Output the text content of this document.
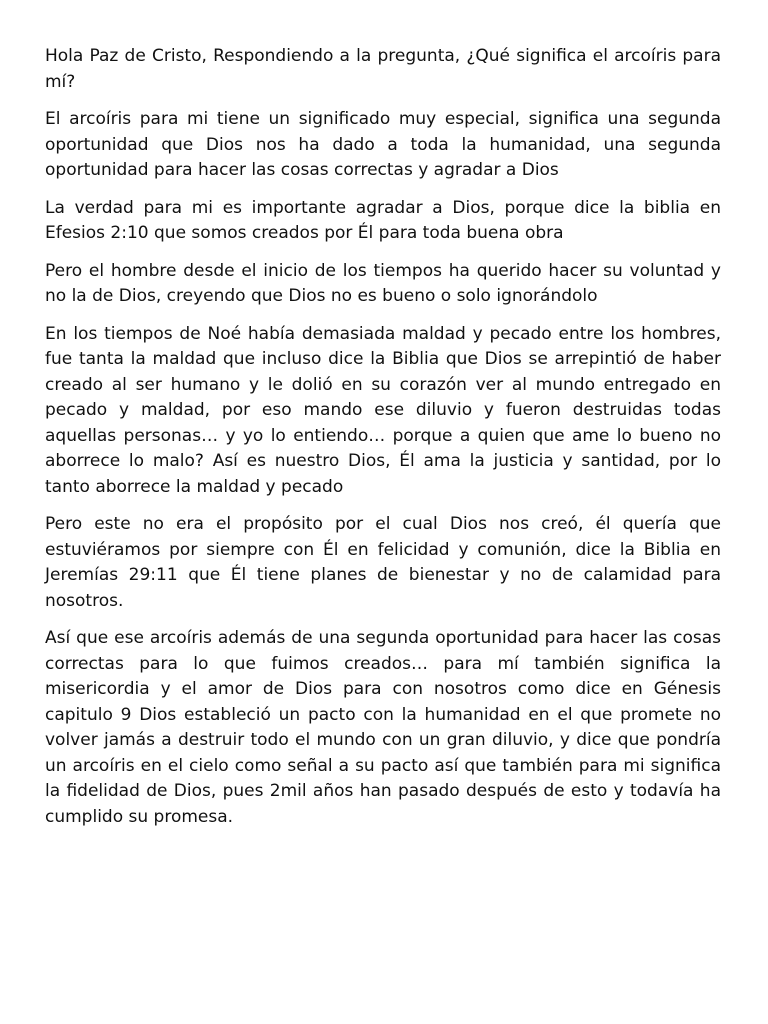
Hola Paz de Cristo, Respondiendo a la pregunta, ¿Qué significa el arcoíris para mí?

El arcoíris para mi tiene un significado muy especial, significa una segunda oportunidad que Dios nos ha dado a toda la humanidad, una segunda oportunidad para hacer las cosas correctas y agradar a Dios

La verdad para mi es importante agradar a Dios, porque dice la biblia en Efesios 2:10 que somos creados por Él para toda buena obra

Pero el hombre desde el inicio de los tiempos ha querido hacer su voluntad y no la de Dios, creyendo que Dios no es bueno o solo ignorándolo

En los tiempos de Noé había demasiada maldad y pecado entre los hombres, fue tanta la maldad que incluso dice la Biblia que Dios se arrepintió de haber creado al ser humano y le dolió en su corazón ver al mundo entregado en pecado y maldad, por eso mando ese diluvio y fueron destruidas todas aquellas personas… y yo lo entiendo… porque a quien que ame lo bueno no aborrece lo malo? Así es nuestro Dios, Él ama la justicia y santidad, por lo tanto aborrece la maldad y pecado

Pero este no era el propósito por el cual Dios nos creó, él quería que estuviéramos por siempre con Él en felicidad y comunión, dice la Biblia en Jeremías 29:11 que Él tiene planes de bienestar y no de calamidad para nosotros.

Así que ese arcoíris además de una segunda oportunidad para hacer las cosas correctas para lo que fuimos creados… para mí también significa la misericordia y el amor de Dios para con nosotros como dice en Génesis capitulo 9 Dios estableció un pacto con la humanidad en el que promete no volver jamás a destruir todo el mundo con un gran diluvio, y dice que pondría un arcoíris en el cielo como señal a su pacto así que también para mi significa la fidelidad de Dios, pues 2mil años han pasado después de esto y todavía ha cumplido su promesa.
